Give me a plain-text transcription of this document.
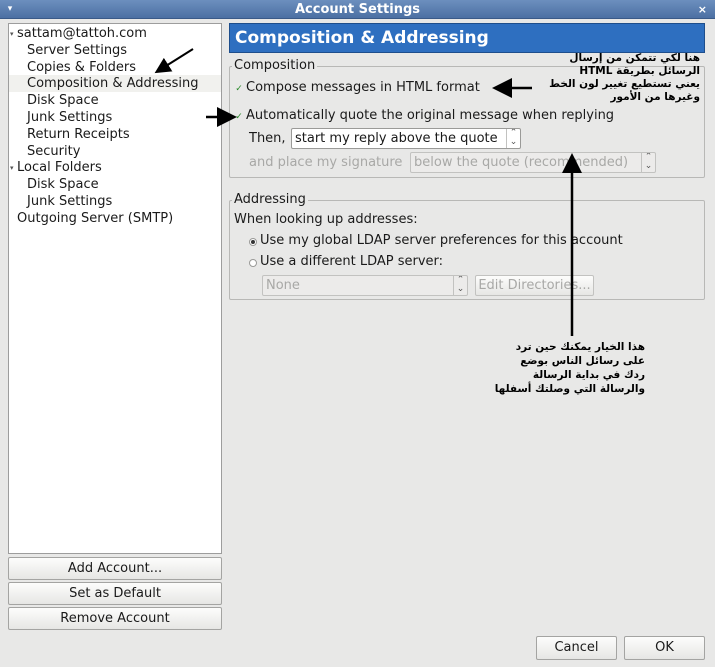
▾	Account Settings	×
▾ sattam@tattoh.com
Server Settings
Copies & Folders
Composition & Addressing
Disk Space
Junk Settings
Return Receipts
Security
▾ Local Folders
Disk Space
Junk Settings
Outgoing Server (SMTP)
Add Account...
Set as Default
Remove Account
Composition & Addressing
Composition
✓ Compose messages in HTML format
✓ Automatically quote the original message when replying
Then, start my reply above the quote	⌃
⌄
and place my signature below the quote (recommended)	⌃
⌄
Addressing
When looking up addresses:
Use my global LDAP server preferences for this account
Use a different LDAP server:
None	⌃
⌄ Edit Directories...
Cancel	OK
هنا لكي تتمكن من إرسال
الرسائل بطريقة HTML
يعني تستطيع تغيير لون الخط
وغيرها من الأمور
هذا الخيار يمكنك حين ترد
على رسائل الناس بوضع
ردك في بداية الرسالة
والرسالة التي وصلتك أسفلها
